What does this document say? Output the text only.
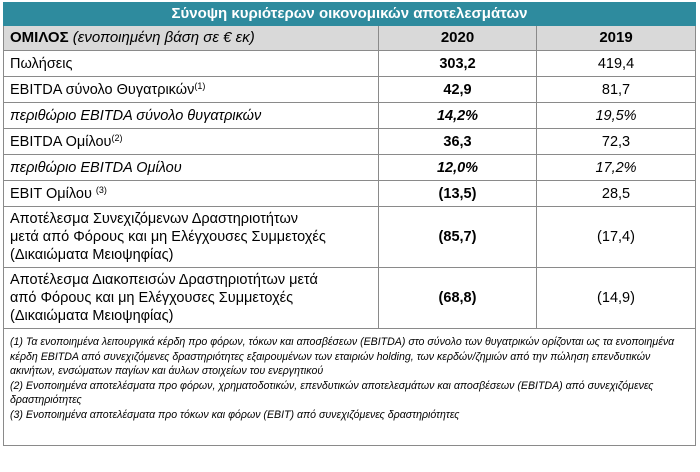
Σύνοψη κυριότερων οικονομικών αποτελεσμάτων		
ΟΜΙΛΟΣ (ενοποιημένη βάση σε € εκ)	2020	2019
Πωλήσεις	303,2	419,4
EBITDA σύνολο Θυγατρικών$^{(1)}$	42,9	81,7
περιθώριο EBITDA σύνολο θυγατρικών	14,2%	19,5%
EBITDA Ομίλου$^{(2)}$	36,3	72,3
περιθώριο EBITDA Ομίλου	12,0%	17,2%
EBIT Ομίλου $^{(3)}$	(13,5)	28,5
Αποτέλεσμα Συνεχιζόμενων Δραστηριοτήτων
μετά από Φόρους και μη Ελέγχουσες Συμμετοχές
(Δικαιώματα Μειοψηφίας)	(85,7)	(17,4)
Αποτέλεσμα Διακοπεισών Δραστηριοτήτων μετά
από Φόρους και μη Ελέγχουσες Συμμετοχές
(Δικαιώματα Μειοψηφίας)	(68,8)	(14,9)

(1) Τα ενοποιημένα λειτουργικά κέρδη προ φόρων, τόκων και αποσβέσεων (EBITDA) στο σύνολο των θυγατρικών ορίζονται ως τα ενοποιημένα κέρδη EBITDA από συνεχιζόμενες δραστηριότητες εξαιρουμένων των εταιριών holding, των κερδών/ζημιών από την πώληση επενδυτικών ακινήτων, ενσώματων παγίων και άυλων στοιχείων του ενεργητικού

(2) Ενοποιημένα αποτελέσματα προ φόρων, χρηματοδοτικών, επενδυτικών αποτελεσμάτων και αποσβέσεων (EBITDA) από συνεχιζόμενες δραστηριότητες

(3) Ενοποιημένα αποτελέσματα προ τόκων και φόρων (EBIT) από συνεχιζόμενες δραστηριότητες		
